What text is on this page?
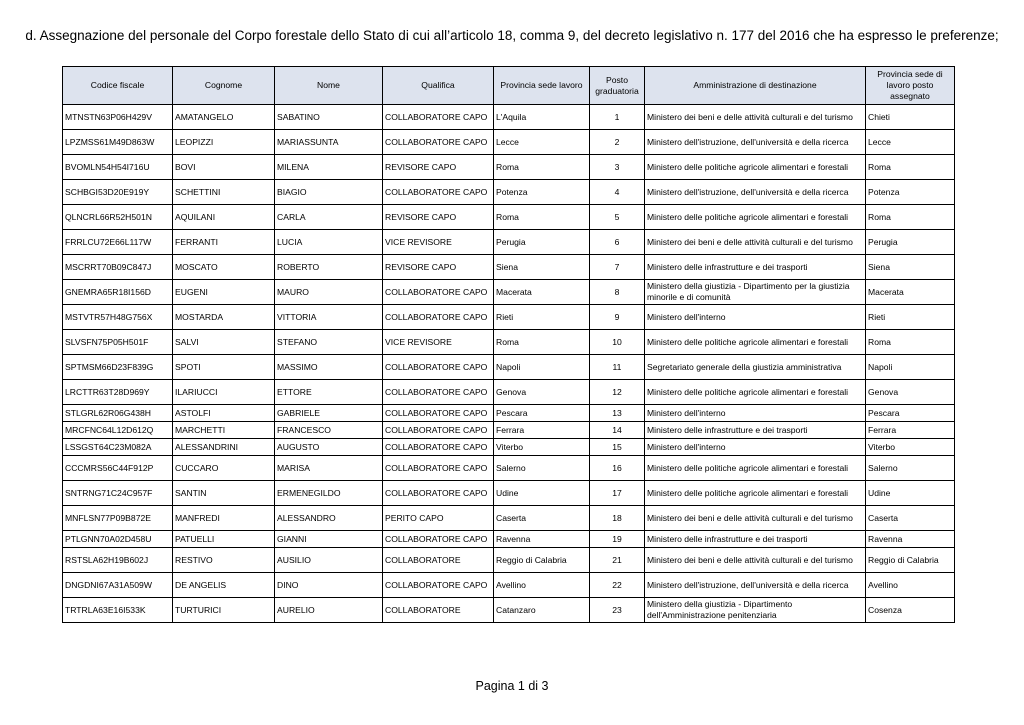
d. Assegnazione del personale del Corpo forestale dello Stato di cui all’articolo 18, comma 9, del decreto legislativo n. 177 del 2016 che ha espresso le preferenze;
Codice fiscale	Cognome	Nome	Qualifica	Provincia sede lavoro	Posto graduatoria	Amministrazione di destinazione	Provincia sede di lavoro posto assegnato
MTNSTN63P06H429V	AMATANGELO	SABATINO	COLLABORATORE CAPO	L'Aquila	1	Ministero dei beni e delle attività culturali e del turismo	Chieti
LPZMSS61M49D863W	LEOPIZZI	MARIASSUNTA	COLLABORATORE CAPO	Lecce	2	Ministero dell'istruzione, dell'università e della ricerca	Lecce
BVOMLN54H54I716U	BOVI	MILENA	REVISORE CAPO	Roma	3	Ministero delle politiche agricole alimentari e forestali	Roma
SCHBGI53D20E919Y	SCHETTINI	BIAGIO	COLLABORATORE CAPO	Potenza	4	Ministero dell'istruzione, dell'università e della ricerca	Potenza
QLNCRL66R52H501N	AQUILANI	CARLA	REVISORE CAPO	Roma	5	Ministero delle politiche agricole alimentari e forestali	Roma
FRRLCU72E66L117W	FERRANTI	LUCIA	VICE REVISORE	Perugia	6	Ministero dei beni e delle attività culturali e del turismo	Perugia
MSCRRT70B09C847J	MOSCATO	ROBERTO	REVISORE CAPO	Siena	7	Ministero delle infrastrutture e dei trasporti	Siena
GNEMRA65R18I156D	EUGENI	MAURO	COLLABORATORE CAPO	Macerata	8	Ministero della giustizia - Dipartimento per la giustizia minorile e di comunità	Macerata
MSTVTR57H48G756X	MOSTARDA	VITTORIA	COLLABORATORE CAPO	Rieti	9	Ministero dell'interno	Rieti
SLVSFN75P05H501F	SALVI	STEFANO	VICE REVISORE	Roma	10	Ministero delle politiche agricole alimentari e forestali	Roma
SPTMSM66D23F839G	SPOTI	MASSIMO	COLLABORATORE CAPO	Napoli	11	Segretariato generale della giustizia amministrativa	Napoli
LRCTTR63T28D969Y	ILARIUCCI	ETTORE	COLLABORATORE CAPO	Genova	12	Ministero delle politiche agricole alimentari e forestali	Genova
STLGRL62R06G438H	ASTOLFI	GABRIELE	COLLABORATORE CAPO	Pescara	13	Ministero dell'interno	Pescara
MRCFNC64L12D612Q	MARCHETTI	FRANCESCO	COLLABORATORE CAPO	Ferrara	14	Ministero delle infrastrutture e dei trasporti	Ferrara
LSSGST64C23M082A	ALESSANDRINI	AUGUSTO	COLLABORATORE CAPO	Viterbo	15	Ministero dell'interno	Viterbo
CCCMRS56C44F912P	CUCCARO	MARISA	COLLABORATORE CAPO	Salerno	16	Ministero delle politiche agricole alimentari e forestali	Salerno
SNTRNG71C24C957F	SANTIN	ERMENEGILDO	COLLABORATORE CAPO	Udine	17	Ministero delle politiche agricole alimentari e forestali	Udine
MNFLSN77P09B872E	MANFREDI	ALESSANDRO	PERITO CAPO	Caserta	18	Ministero dei beni e delle attività culturali e del turismo	Caserta
PTLGNN70A02D458U	PATUELLI	GIANNI	COLLABORATORE CAPO	Ravenna	19	Ministero delle infrastrutture e dei trasporti	Ravenna
RSTSLA62H19B602J	RESTIVO	AUSILIO	COLLABORATORE	Reggio di Calabria	21	Ministero dei beni e delle attività culturali e del turismo	Reggio di Calabria
DNGDNI67A31A509W	DE ANGELIS	DINO	COLLABORATORE CAPO	Avellino	22	Ministero dell'istruzione, dell'università e della ricerca	Avellino
TRTRLA63E16I533K	TURTURICI	AURELIO	COLLABORATORE	Catanzaro	23	Ministero della giustizia - Dipartimento dell'Amministrazione penitenziaria	Cosenza
Pagina 1 di 3
